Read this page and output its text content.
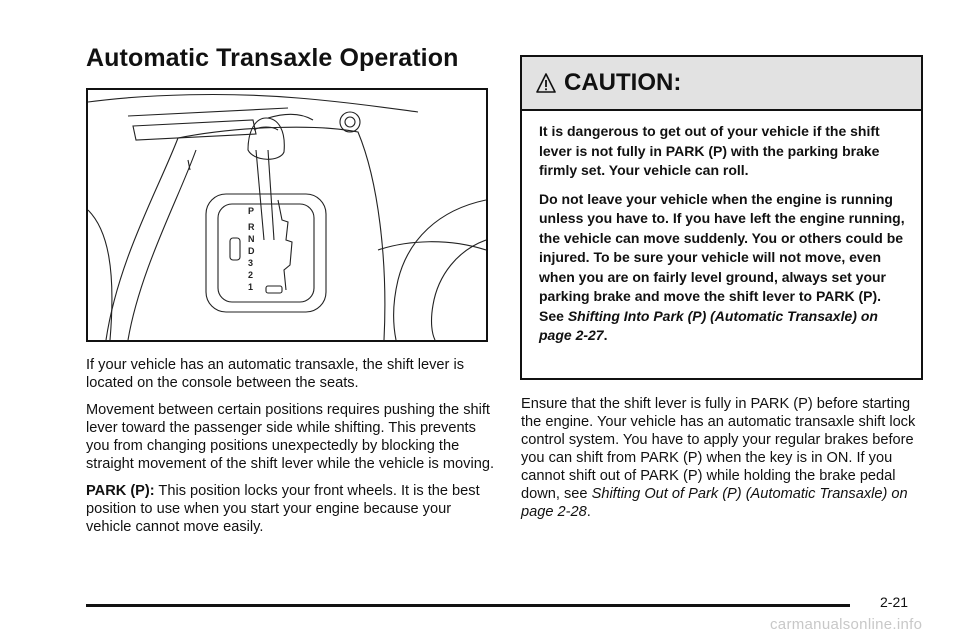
Automatic Transaxle Operation
P
R
N
D
3
2
1

If your vehicle has an automatic transaxle, the shift lever is located on the console between the seats.

Movement between certain positions requires pushing the shift lever toward the passenger side while shifting. This prevents you from changing positions unexpectedly by blocking the straight movement of the shift lever while the vehicle is moving.

PARK (P): This position locks your front wheels. It is the best position to use when you start your engine because your vehicle cannot move easily.

CAUTION:

It is dangerous to get out of your vehicle if the shift lever is not fully in PARK (P) with the parking brake firmly set. Your vehicle can roll.

Do not leave your vehicle when the engine is running unless you have to. If you have left the engine running, the vehicle can move suddenly. You or others could be injured. To be sure your vehicle will not move, even when you are on fairly level ground, always set your parking brake and move the shift lever to PARK (P). See Shifting Into Park (P) (Automatic Transaxle) on page 2-27.

Ensure that the shift lever is fully in PARK (P) before starting the engine. Your vehicle has an automatic transaxle shift lock control system. You have to apply your regular brakes before you can shift from PARK (P) when the key is in ON. If you cannot shift out of PARK (P) while holding the brake pedal down, see Shifting Out of Park (P) (Automatic Transaxle) on page 2-28.

2-21
carmanualsonline.info
